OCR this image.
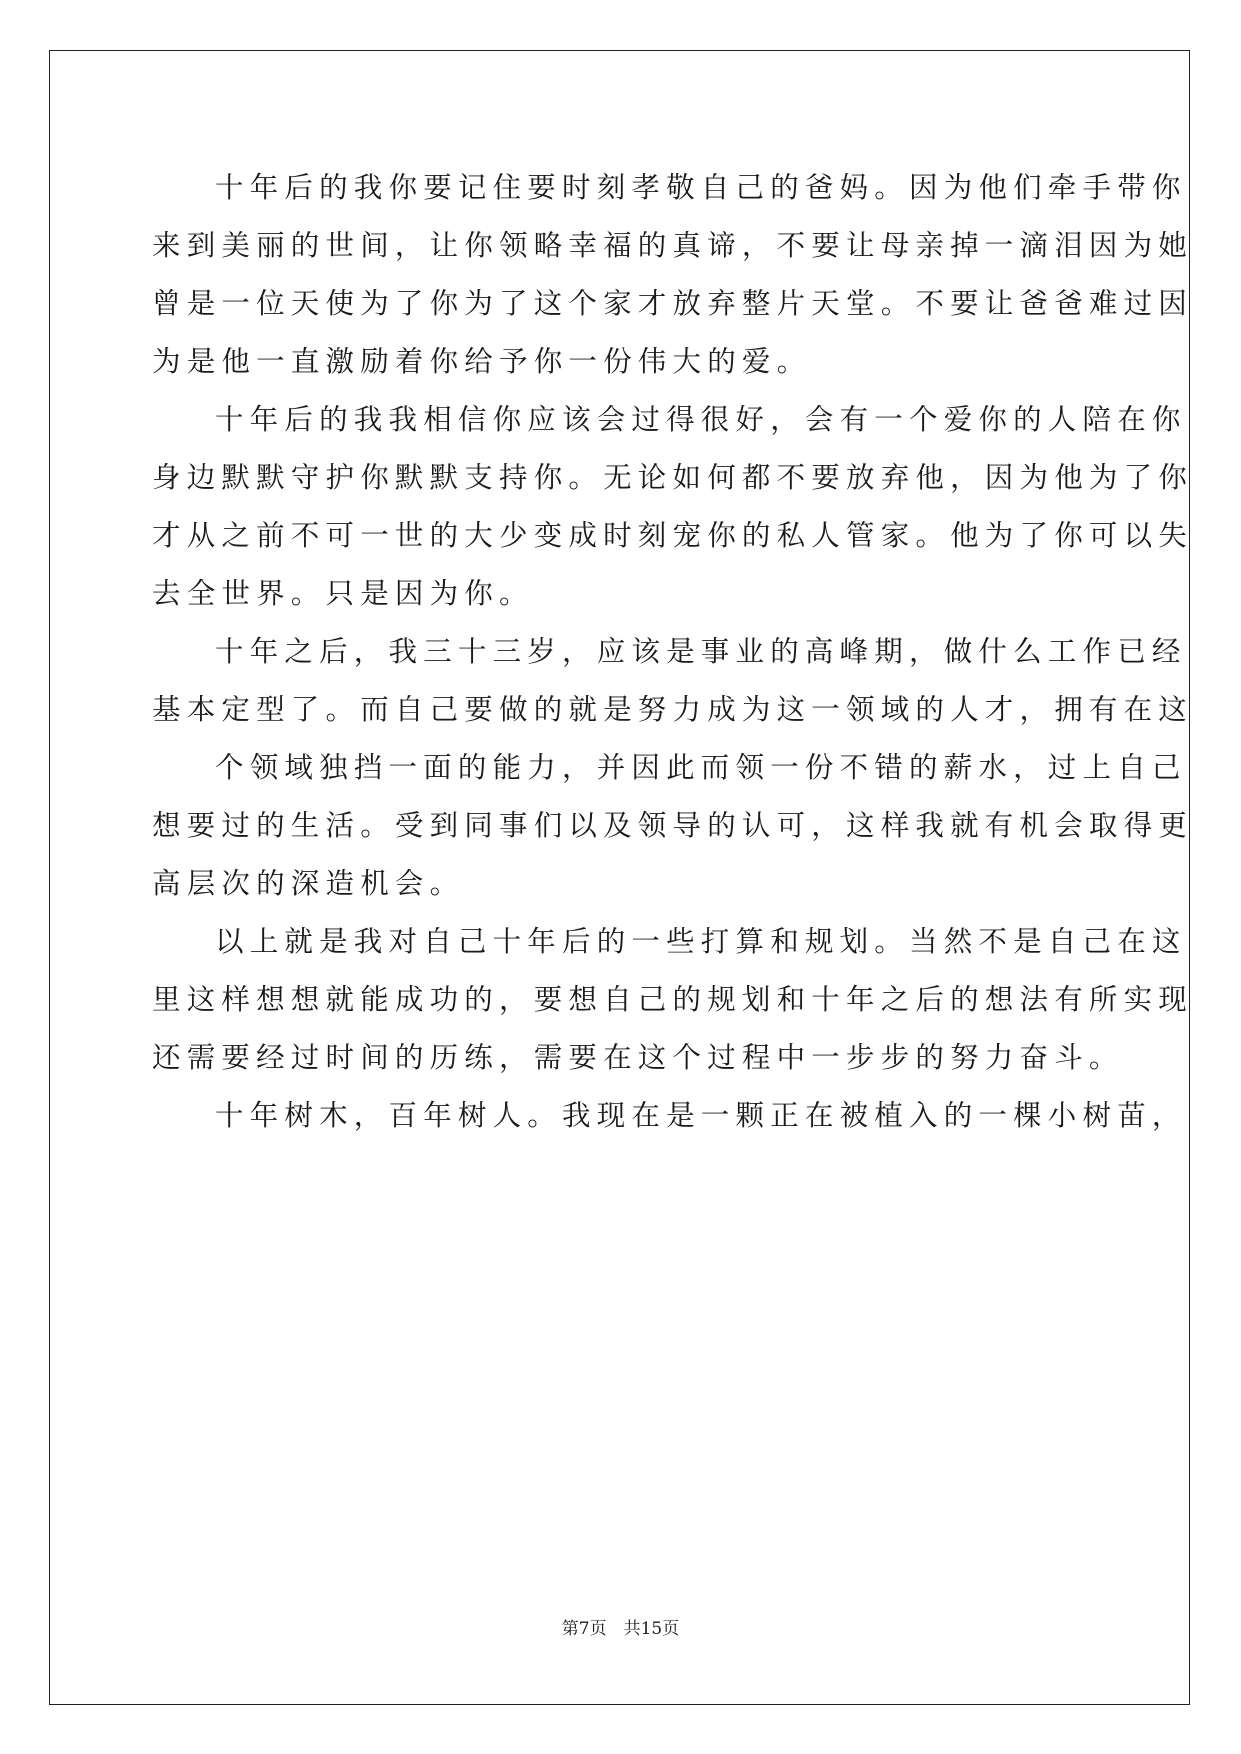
十年后的我你要记住要时刻孝敬自己的爸妈。因为他们牵手带你
来到美丽的世间，让你领略幸福的真谛，不要让母亲掉一滴泪因为她
曾是一位天使为了你为了这个家才放弃整片天堂。不要让爸爸难过因
为是他一直激励着你给予你一份伟大的爱。
十年后的我我相信你应该会过得很好，会有一个爱你的人陪在你
身边默默守护你默默支持你。无论如何都不要放弃他，因为他为了你
才从之前不可一世的大少变成时刻宠你的私人管家。他为了你可以失
去全世界。只是因为你。
十年之后，我三十三岁，应该是事业的高峰期，做什么工作已经
基本定型了。而自己要做的就是努力成为这一领域的人才，拥有在这
个领域独挡一面的能力，并因此而领一份不错的薪水，过上自己
想要过的生活。受到同事们以及领导的认可，这样我就有机会取得更
高层次的深造机会。
以上就是我对自己十年后的一些打算和规划。当然不是自己在这
里这样想想就能成功的，要想自己的规划和十年之后的想法有所实现
还需要经过时间的历练，需要在这个过程中一步步的努力奋斗。
十年树木，百年树人。我现在是一颗正在被植入的一棵小树苗，
第7页　共15页
